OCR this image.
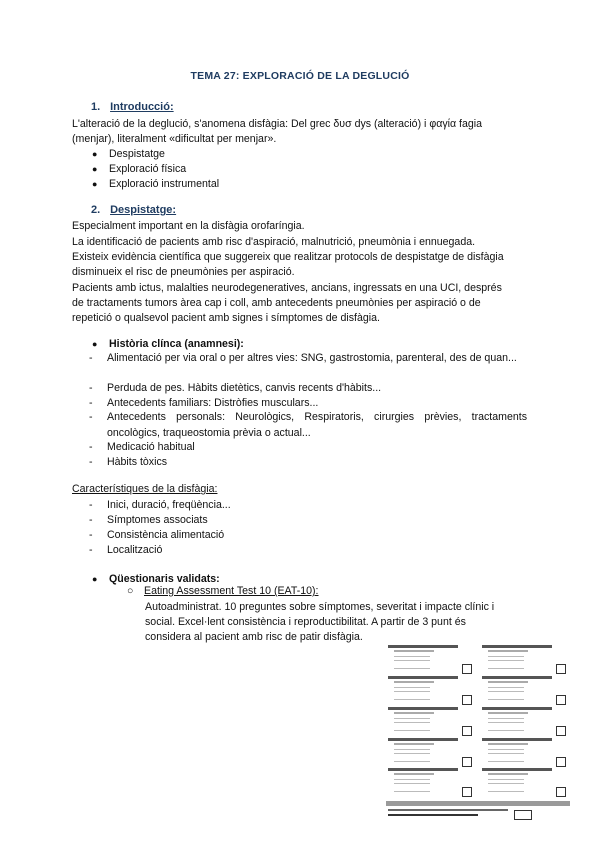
TEMA 27: EXPLORACIÓ DE LA DEGLUCIÓ
1. Introducció:
L'alteració de la deglució, s'anomena disfàgia: Del grec δυσ dys (alteració) i φαγία fagia
(menjar), literalment «dificultat per menjar».
● Despistatge
● Exploració física
● Exploració instrumental
2. Despistatge:
Especialment important en la disfàgia orofaríngia.
La identificació de pacients amb risc d'aspiració, malnutrició, pneumònia i ennuegada.
Existeix evidència científica que suggereix que realitzar protocols de despistatge de disfàgia
disminueix el risc de pneumònies per aspiració.
Pacients amb ictus, malalties neurodegeneratives, ancians, ingressats en una UCI, després
de tractaments tumors àrea cap i coll, amb antecedents pneumònies per aspiració o de
repetició o qualsevol pacient amb signes i símptomes de disfàgia.
● Història clínca (anamnesi):
- Alimentació per via oral o per altres vies: SNG, gastrostomia, parenteral, des de quan...
- Perduda de pes. Hàbits dietètics, canvis recents d'hàbits...
- Antecedents familiars: Distròfies musculars...
- Antecedents personals: Neurològics, Respiratoris, cirurgies prèvies, tractaments oncològics, traqueostomia prèvia o actual...
- Medicació habitual
- Hàbits tòxics
Característiques de la disfàgia:
- Inici, duració, freqüència...
- Símptomes associats
- Consistència alimentació
- Localització
● Qüestionaris validats:
○ Eating Assessment Test 10 (EAT-10):
Autoadministrat. 10 preguntes sobre símptomes, severitat i impacte clínic i
social. Excel·lent consistència i reproductibilitat. A partir de 3 punt és
considera al pacient amb risc de patir disfàgia.
